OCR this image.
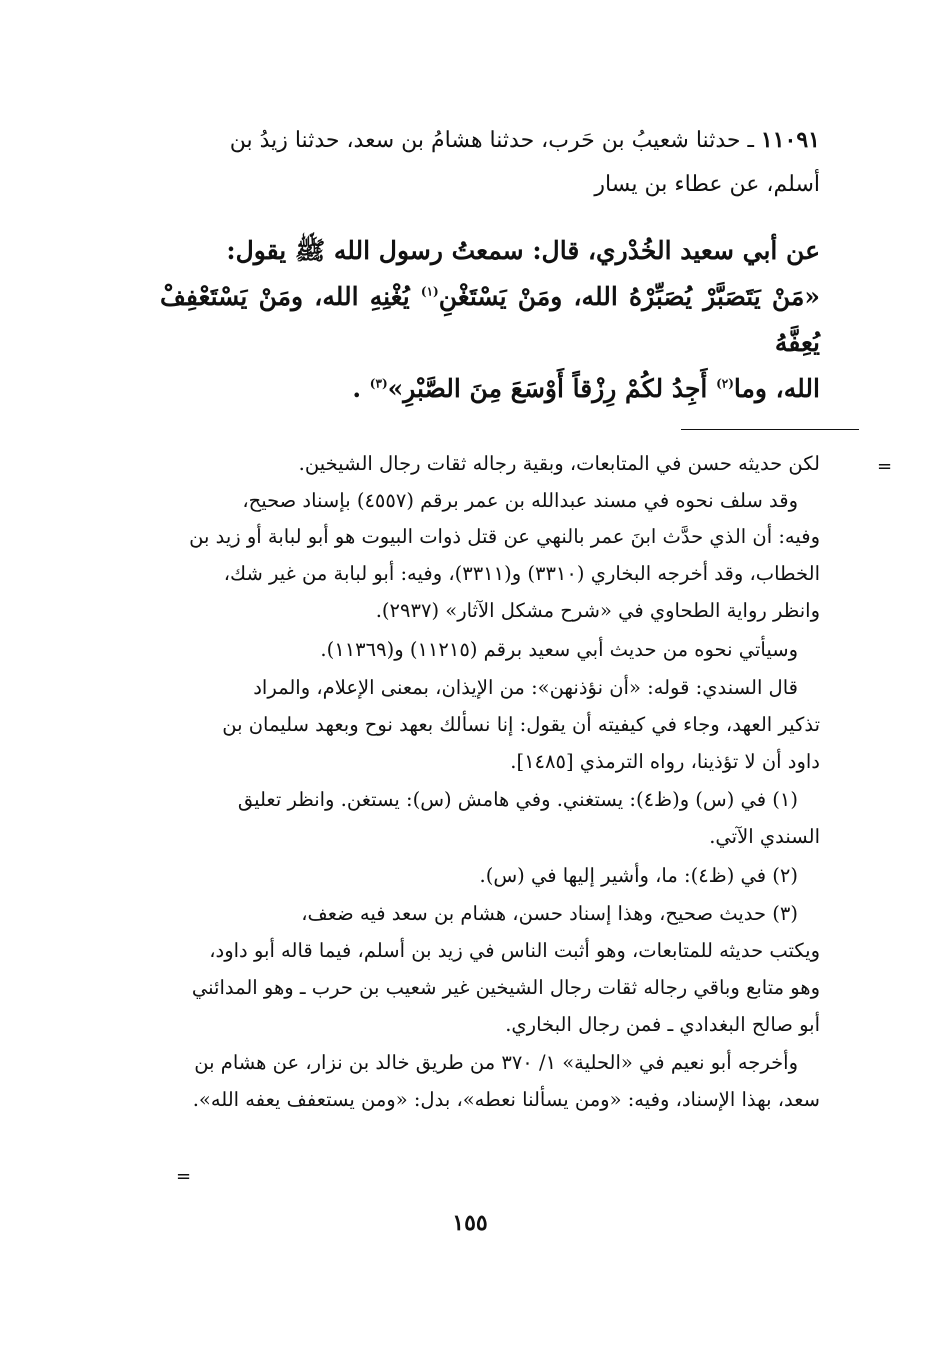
١١٠٩١ ـ حدثنا شعيبُ بن حَرب، حدثنا هشامُ بن سعد، حدثنا زيدُ بن

أسلم، عن عطاء بن يسار

عن أبي سعيد الخُدْري، قال: سمعتُ رسول الله ﷺ يقول:
«مَنْ يَتَصَبَّرْ يُصَبِّرْهُ الله، ومَنْ يَسْتَغْنِ$^{(١)}$ يُغْنِهِ الله، ومَنْ يَسْتَعْفِفْ يُعِفَّهُ
الله، وما$^{(٢)}$ أَجِدُ لكُمْ رِزْقاً أَوْسَعَ مِنَ الصَّبْرِ»$^{(٣)}$ .
=

لكن حديثه حسن في المتابعات، وبقية رجاله ثقات رجال الشيخين.

وقد سلف نحوه في مسند عبدالله بن عمر برقم (٤٥٥٧) بإسناد صحيح،

وفيه: أن الذي حدَّث ابنَ عمر بالنهي عن قتل ذوات البيوت هو أبو لبابة أو زيد بن

الخطاب، وقد أخرجه البخاري (٣٣١٠) و(٣٣١١)، وفيه: أبو لبابة من غير شك،

وانظر رواية الطحاوي في «شرح مشكل الآثار» (٢٩٣٧).

وسيأتي نحوه من حديث أبي سعيد برقم (١١٢١٥) و(١١٣٦٩).

قال السندي: قوله: «أن نؤذنهن»: من الإيذان، بمعنى الإعلام، والمراد

تذكير العهد، وجاء في كيفيته أن يقول: إنا نسألك بعهد نوح وبعهد سليمان بن

داود أن لا تؤذينا، رواه الترمذي [١٤٨٥].

(١) في (س) و(ظ٤): يستغني. وفي هامش (س): يستغن. وانظر تعليق

السندي الآتي.

(٢) في (ظ٤): ما، وأشير إليها في (س).

(٣) حديث صحيح، وهذا إسناد حسن، هشام بن سعد فيه ضعف،

ويكتب حديثه للمتابعات، وهو أثبت الناس في زيد بن أسلم، فيما قاله أبو داود،

وهو متابع وباقي رجاله ثقات رجال الشيخين غير شعيب بن حرب ـ وهو المدائني

أبو صالح البغدادي ـ فمن رجال البخاري.

وأخرجه أبو نعيم في «الحلية» ١/ ٣٧٠ من طريق خالد بن نزار، عن هشام بن

سعد، بهذا الإسناد، وفيه: «ومن يسألنا نعطه»، بدل: «ومن يستعفف يعفه الله».

=
١٥٥
